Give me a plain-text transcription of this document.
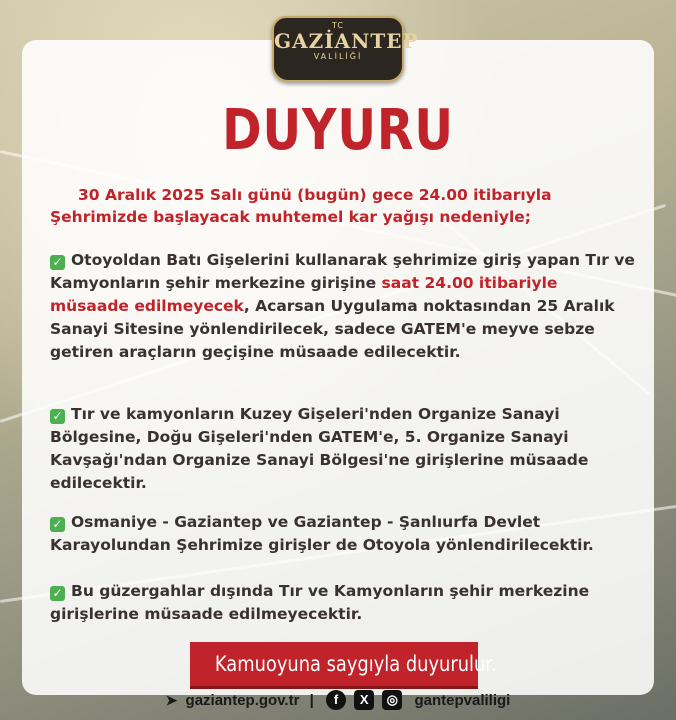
TC
GAZİANTEP
VALİLİĞİ
DUYURU
30 Aralık 2025 Salı günü (bugün) gece 24.00 itibarıyla
Şehrimizde başlayacak muhtemel kar yağışı nedeniyle;
✓ Otoyoldan Batı Gişelerini kullanarak şehrimize giriş yapan Tır ve Kamyonların şehir merkezine girişine saat 24.00 itibariyle müsaade edilmeyecek, Acarsan Uygulama noktasından 25 Aralık Sanayi Sitesine yönlendirilecek, sadece GATEM'e meyve sebze getiren araçların geçişine müsaade edilecektir.
✓ Tır ve kamyonların Kuzey Gişeleri'nden Organize Sanayi Bölgesine, Doğu Gişeleri'nden GATEM'e, 5. Organize Sanayi Kavşağı'ndan Organize Sanayi Bölgesi'ne girişlerine müsaade edilecektir.
✓ Osmaniye - Gaziantep ve Gaziantep - Şanlıurfa Devlet Karayolundan Şehrimize girişler de Otoyola yönlendirilecektir.
✓ Bu güzergahlar dışında Tır ve Kamyonların şehir merkezine girişlerine müsaade edilmeyecektir.
Kamuoyuna saygıyla duyurulur.
➤ gaziantep.gov.tr | f X ◎ gantepvaliligi
